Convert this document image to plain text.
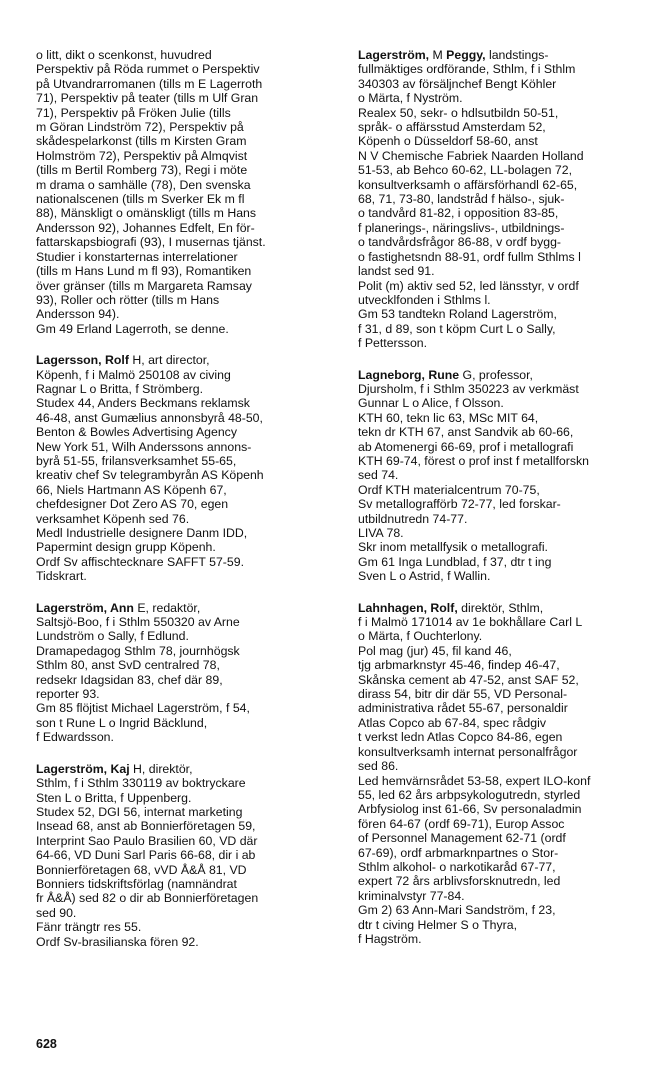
o litt, dikt o scenkonst, huvudred
Perspektiv på Röda rummet o Perspektiv
på Utvandrarromanen (tills m E Lagerroth
71), Perspektiv på teater (tills m Ulf Gran
71), Perspektiv på Fröken Julie (tills
m Göran Lindström 72), Perspektiv på
skådespelarkonst (tills m Kirsten Gram
Holmström 72), Perspektiv på Almqvist
(tills m Bertil Romberg 73), Regi i möte
m drama o samhälle (78), Den svenska
nationalscenen (tills m Sverker Ek m fl
88), Mänskligt o omänskligt (tills m Hans
Andersson 92), Johannes Edfelt, En för-
fattarskapsbiografi (93), I musernas tjänst.
Studier i konstarternas interrelationer
(tills m Hans Lund m fl 93), Romantiken
över gränser (tills m Margareta Ramsay
93), Roller och rötter (tills m Hans
Andersson 94).
Gm 49 Erland Lagerroth, se denne.
Lagersson, Rolf H, art director,
Köpenh, f i Malmö 250108 av civing
Ragnar L o Britta, f Strömberg.
Studex 44, Anders Beckmans reklamsk
46-48, anst Gumælius annonsbyrå 48-50,
Benton & Bowles Advertising Agency
New York 51, Wilh Anderssons annons-
byrå 51-55, frilansverksamhet 55-65,
kreativ chef Sv telegrambyrån AS Köpenh
66, Niels Hartmann AS Köpenh 67,
chefdesigner Dot Zero AS 70, egen
verksamhet Köpenh sed 76.
Medl Industrielle designere Danm IDD,
Papermint design grupp Köpenh.
Ordf Sv affischtecknare SAFFT 57-59.
Tidskrart.
Lagerström, Ann E, redaktör,
Saltsjö-Boo, f i Sthlm 550320 av Arne
Lundström o Sally, f Edlund.
Dramapedagog Sthlm 78, journhögsk
Sthlm 80, anst SvD centralred 78,
redsekr Idagsidan 83, chef där 89,
reporter 93.
Gm 85 flöjtist Michael Lagerström, f 54,
son t Rune L o Ingrid Bäcklund,
f Edwardsson.
Lagerström, Kaj H, direktör,
Sthlm, f i Sthlm 330119 av boktryckare
Sten L o Britta, f Uppenberg.
Studex 52, DGI 56, internat marketing
Insead 68, anst ab Bonnierföretagen 59,
Interprint Sao Paulo Brasilien 60, VD där
64-66, VD Duni Sarl Paris 66-68, dir i ab
Bonnierföretagen 68, vVD Å&Å 81, VD
Bonniers tidskriftsförlag (namnändrat
fr Å&Å) sed 82 o dir ab Bonnierföretagen
sed 90.
Fänr trängtr res 55.
Ordf Sv-brasilianska fören 92.
Lagerström, M Peggy, landstings-
fullmäktiges ordförande, Sthlm, f i Sthlm
340303 av försäljnchef Bengt Köhler
o Märta, f Nyström.
Realex 50, sekr- o hdlsutbildn 50-51,
språk- o affärsstud Amsterdam 52,
Köpenh o Düsseldorf 58-60, anst
N V Chemische Fabriek Naarden Holland
51-53, ab Behco 60-62, LL-bolagen 72,
konsultverksamh o affärsförhandl 62-65,
68, 71, 73-80, landstråd f hälso-, sjuk-
o tandvård 81-82, i opposition 83-85,
f planerings-, näringslivs-, utbildnings-
o tandvårdsfrågor 86-88, v ordf bygg-
o fastighetsndn 88-91, ordf fullm Sthlms l
landst sed 91.
Polit (m) aktiv sed 52, led länsstyr, v ordf
utvecklfonden i Sthlms l.
Gm 53 tandtekn Roland Lagerström,
f 31, d 89, son t köpm Curt L o Sally,
f Pettersson.
Lagneborg, Rune G, professor,
Djursholm, f i Sthlm 350223 av verkmäst
Gunnar L o Alice, f Olsson.
KTH 60, tekn lic 63, MSc MIT 64,
tekn dr KTH 67, anst Sandvik ab 60-66,
ab Atomenergi 66-69, prof i metallografi
KTH 69-74, förest o prof inst f metallforskn
sed 74.
Ordf KTH materialcentrum 70-75,
Sv metallografförb 72-77, led forskar-
utbildnutredn 74-77.
LIVA 78.
Skr inom metallfysik o metallografi.
Gm 61 Inga Lundblad, f 37, dtr t ing
Sven L o Astrid, f Wallin.
Lahnhagen, Rolf, direktör, Sthlm,
f i Malmö 171014 av 1e bokhållare Carl L
o Märta, f Ouchterlony.
Pol mag (jur) 45, fil kand 46,
tjg arbmarknstyr 45-46, findep 46-47,
Skånska cement ab 47-52, anst SAF 52,
dirass 54, bitr dir där 55, VD Personal-
administrativa rådet 55-67, personaldir
Atlas Copco ab 67-84, spec rådgiv
t verkst ledn Atlas Copco 84-86, egen
konsultverksamh internat personalfrågor
sed 86.
Led hemvärnsrådet 53-58, expert ILO-konf
55, led 62 års arbpsykologutredn, styrled
Arbfysiolog inst 61-66, Sv personaladmin
fören 64-67 (ordf 69-71), Europ Assoc
of Personnel Management 62-71 (ordf
67-69), ordf arbmarknpartnes o Stor-
Sthlm alkohol- o narkotikaråd 67-77,
expert 72 års arblivsforsknutredn, led
kriminalvstyr 77-84.
Gm 2) 63 Ann-Mari Sandström, f 23,
dtr t civing Helmer S o Thyra,
f Hagström.
628
